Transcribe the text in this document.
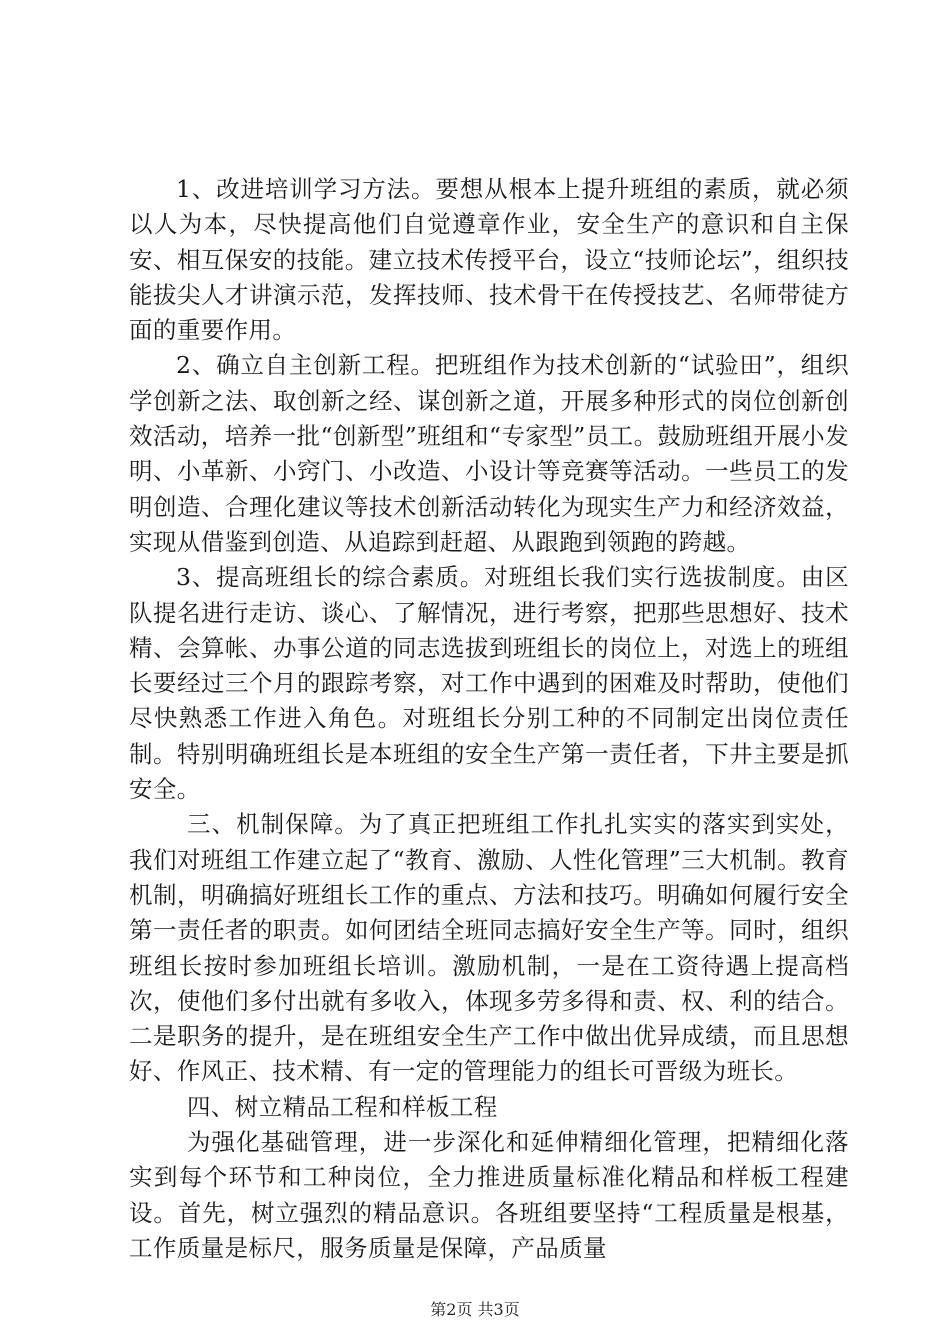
1、改进培训学习方法。要想从根本上提升班组的素质，就必须以人为本，尽快提高他们自觉遵章作业，安全生产的意识和自主保安、相互保安的技能。建立技术传授平台，设立“技师论坛”，组织技能拔尖人才讲演示范，发挥技师、技术骨干在传授技艺、名师带徒方面的重要作用。

2、确立自主创新工程。把班组作为技术创新的“试验田”，组织学创新之法、取创新之经、谋创新之道，开展多种形式的岗位创新创效活动，培养一批“创新型”班组和“专家型”员工。鼓励班组开展小发明、小革新、小窍门、小改造、小设计等竞赛等活动。一些员工的发明创造、合理化建议等技术创新活动转化为现实生产力和经济效益，实现从借鉴到创造、从追踪到赶超、从跟跑到领跑的跨越。

3、提高班组长的综合素质。对班组长我们实行选拔制度。由区队提名进行走访、谈心、了解情况，进行考察，把那些思想好、技术精、会算帐、办事公道的同志选拔到班组长的岗位上，对选上的班组长要经过三个月的跟踪考察，对工作中遇到的困难及时帮助，使他们尽快熟悉工作进入角色。对班组长分别工种的不同制定出岗位责任制。特别明确班组长是本班组的安全生产第一责任者，下井主要是抓安全。

三、机制保障。为了真正把班组工作扎扎实实的落实到实处，我们对班组工作建立起了“教育、激励、人性化管理”三大机制。教育机制，明确搞好班组长工作的重点、方法和技巧。明确如何履行安全第一责任者的职责。如何团结全班同志搞好安全生产等。同时，组织班组长按时参加班组长培训。激励机制，一是在工资待遇上提高档次，使他们多付出就有多收入，体现多劳多得和责、权、利的结合。二是职务的提升，是在班组安全生产工作中做出优异成绩，而且思想好、作风正、技术精、有一定的管理能力的组长可晋级为班长。

四、树立精品工程和样板工程

为强化基础管理，进一步深化和延伸精细化管理，把精细化落实到每个环节和工种岗位，全力推进质量标准化精品和样板工程建设。首先，树立强烈的精品意识。各班组要坚持“工程质量是根基，工作质量是标尺，服务质量是保障，产品质量

第2页 共3页
